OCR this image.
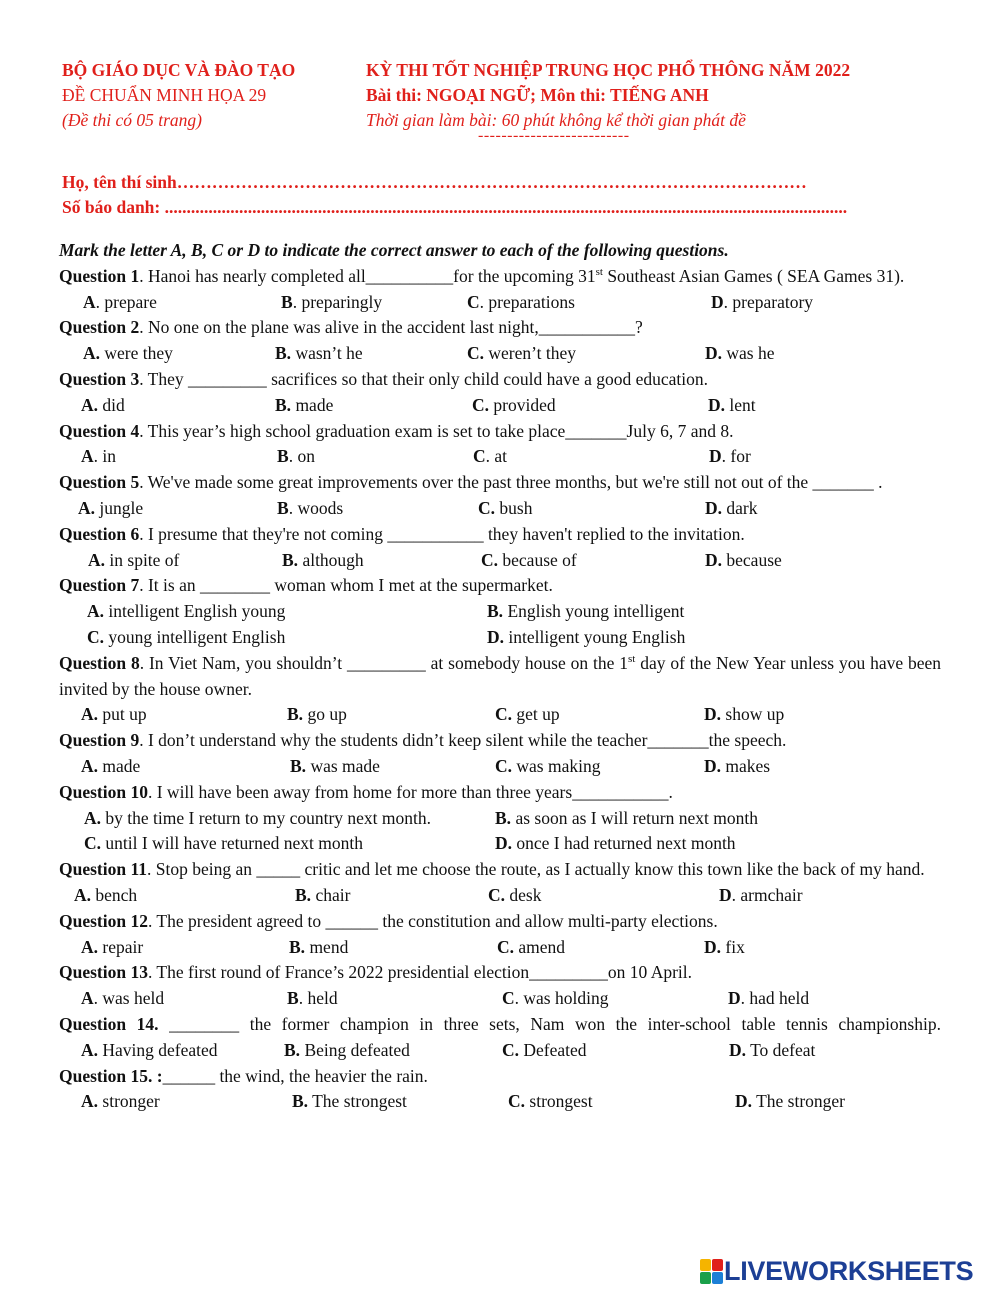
BỘ GIÁO DỤC VÀ ĐÀO TẠO
ĐỀ CHUẨN MINH HỌA 29
(Đề thi có 05 trang)
KỲ THI TỐT NGHIỆP TRUNG HỌC PHỔ THÔNG NĂM 2022
Bài thi: NGOẠI NGỮ; Môn thi: TIẾNG ANH
Thời gian làm bài: 60 phút không kể thời gian phát đề
--------------------------
Họ, tên thí sinh………………………………………………………………………………………………
Số báo danh: ............................................................................................................................................................
Mark the letter A, B, C or D to indicate the correct answer to each of the following questions.
Question 1. Hanoi has nearly completed all__________for the upcoming 31st Southeast Asian Games ( SEA Games 31).
A. prepare	B. preparingly	C. preparations	D. preparatory
Question 2. No one on the plane was alive in the accident last night,___________?
A. were they	B. wasn’t he	C. weren’t they	D. was he
Question 3. They _________ sacrifices so that their only child could have a good education.
A. did	B. made	C. provided	D. lent
Question 4. This year’s high school graduation exam is set to take place_______July 6, 7 and 8.
A. in	B. on	C. at	D. for
Question 5. We've made some great improvements over the past three months, but we're still not out of the _______ .
A. jungle	B. woods	C. bush	D. dark
Question 6. I presume that they're not coming ___________ they haven't replied to the invitation.
A. in spite of	B. although	C. because of	D. because
Question 7. It is an ________ woman whom I met at the supermarket.
A. intelligent English young	B. English young intelligent
C. young intelligent English	D. intelligent young English
Question 8. In Viet Nam, you shouldn’t _________ at somebody house on the 1st day of the New Year unless you have been invited by the house owner.
A. put up	B. go up	C. get up	D. show up
Question 9. I don’t understand why the students didn’t keep silent while the teacher_______the speech.
A. made	B. was made	C. was making	D. makes
Question 10. I will have been away from home for more than three years___________.
A. by the time I return to my country next month.	B. as soon as I will return next month
C. until I will have returned next month	D. once I had returned next month
Question 11. Stop being an _____ critic and let me choose the route, as I actually know this town like the back of my hand.
A. bench	B. chair	C. desk	D. armchair
Question 12. The president agreed to ______ the constitution and allow multi-party elections.
A. repair	B. mend	C. amend	D. fix
Question 13. The first round of France’s 2022 presidential election_________on 10 April.
A. was held	B. held	C. was holding	D. had held
Question 14. ________ the former champion in three sets, Nam won the inter-school table tennis championship.
A. Having defeated	B. Being defeated	C. Defeated	D. To defeat
Question 15. :______ the wind, the heavier the rain.
A. stronger	B. The strongest	C. strongest	D. The stronger
LIVEWORKSHEETS
